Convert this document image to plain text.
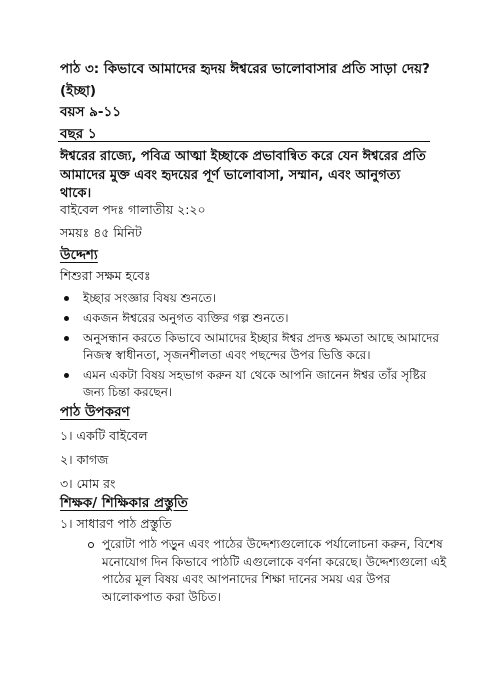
পাঠ ৩: কিভাবে আমাদের হৃদয় ঈশ্বরের ভালোবাসার প্রতি সাড়া দেয়? (ইচ্ছা)

বয়স ৯-১১

বছর ১

ঈশ্বরের রাজ্যে, পবিত্র আত্মা ইচ্ছাকে প্রভাবান্বিত করে যেন ঈশ্বরের প্রতি আমাদের মুক্ত এবং হৃদয়ের পূর্ণ ভালোবাসা, সম্মান, এবং আনুগত্য থাকে।

বাইবেল পদঃ গালাতীয় ২:২০

সময়ঃ ৪৫ মিনিট

উদ্দেশ্য

শিশুরা সক্ষম হবেঃ

ইচ্ছার সংজ্ঞার বিষয় শুনতে।
একজন ঈশ্বরের অনুগত ব্যক্তির গল্প শুনতে।
অনুসন্ধান করতে কিভাবে আমাদের ইচ্ছার ঈশ্বর প্রদত্ত ক্ষমতা আছে আমাদের নিজস্ব স্বাধীনতা, সৃজনশীলতা এবং পছন্দের উপর ভিত্তি করে।
এমন একটা বিষয় সহভাগ করুন যা থেকে আপনি জানেন ঈশ্বর তাঁর সৃষ্টির জন্য চিন্তা করছেন।
পাঠ উপকরণ

১। একটি বাইবেল

২। কাগজ

৩। মোম রং

শিক্ষক/ শিক্ষিকার প্রস্তুতি

১। সাধারণ পাঠ প্রস্তুতি

পুরোটা পাঠ পড়ুন এবং পাঠের উদ্দেশ্যগুলোকে পর্যালোচনা করুন, বিশেষ মনোযোগ দিন কিভাবে পাঠটি এগুলোকে বর্ণনা করেছে। উদ্দেশ্যগুলো এই পাঠের মূল বিষয় এবং আপনাদের শিক্ষা দানের সময় এর উপর আলোকপাত করা উচিত।
